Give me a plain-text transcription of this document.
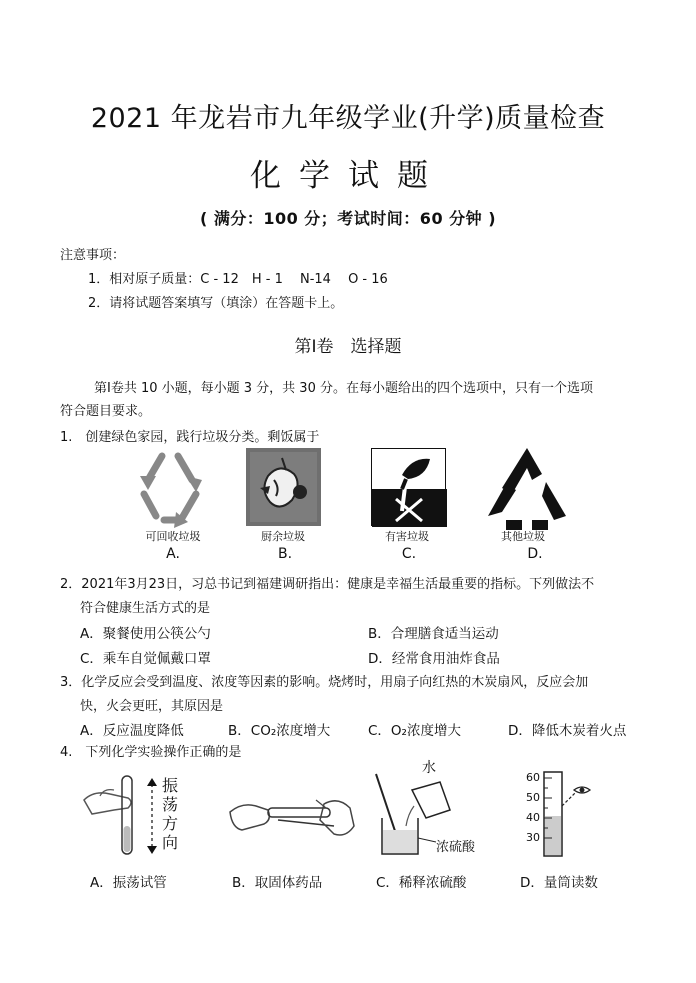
2021 年龙岩市九年级学业(升学)质量检查
化学试题
( 满分：100 分；考试时间：60 分钟 )
注意事项：
1．相对原子质量：C - 12　H - 1　 N-14　 O - 16
2．请将试题答案填写（填涂）在答题卡上。
第Ⅰ卷　选择题
第Ⅰ卷共 10 小题，每小题 3 分，共 30 分。在每小题给出的四个选项中，只有一个选项
符合题目要求。
1.　创建绿色家园，践行垃圾分类。剩饭属于
可回收垃圾
A.
厨余垃圾
B.
有害垃圾
C.
其他垃圾
D.
2．2021年3月23日，习总书记到福建调研指出：健康是幸福生活最重要的指标。下列做法不
符合健康生活方式的是
A．聚餐使用公筷公勺	B．合理膳食适当运动
C．乘车自觉佩戴口罩	D．经常食用油炸食品
3．化学反应会受到温度、浓度等因素的影响。烧烤时，用扇子向红热的木炭扇风，反应会加
快，火会更旺，其原因是
A．反应温度降低	B．CO₂浓度增大	C．O₂浓度增大	D．降低木炭着火点
4.　下列化学实验操作正确的是
振
荡
方
向
A．振荡试管	B．取固体药品
水
浓硫酸
C．稀释浓硫酸
60
50
40
30
D．量筒读数
